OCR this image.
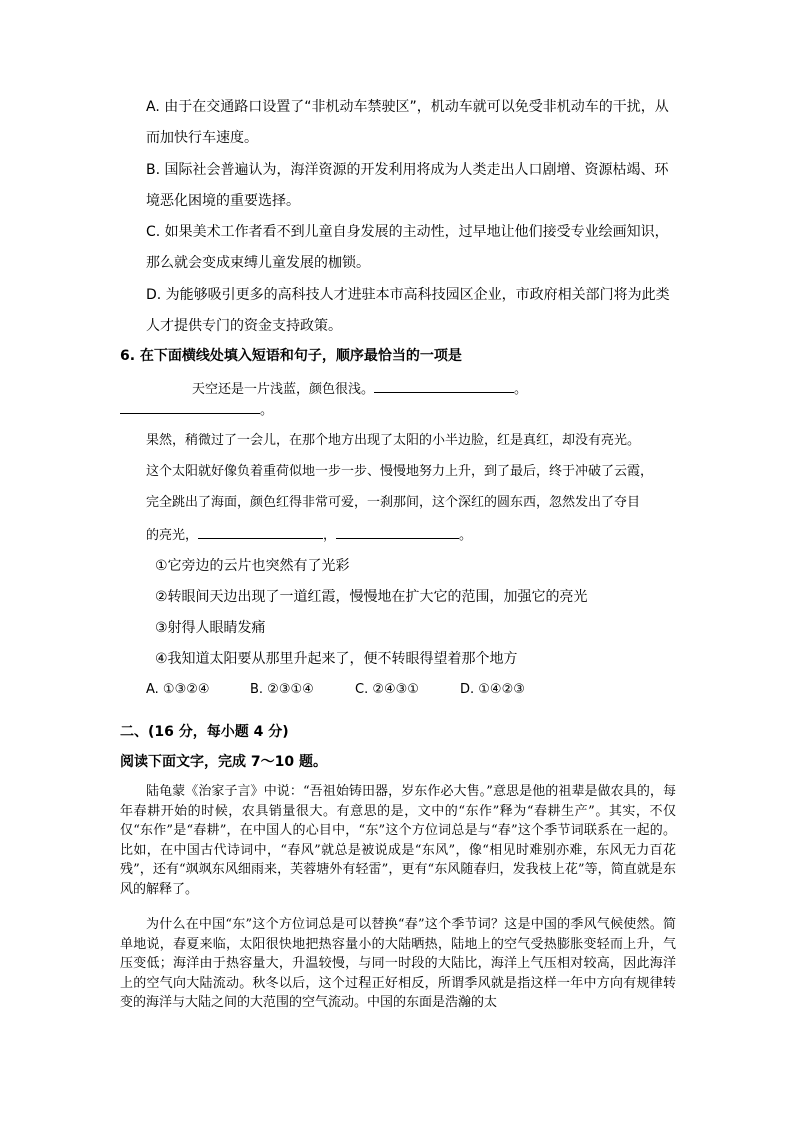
A. 由于在交通路口设置了“非机动车禁驶区”，机动车就可以免受非机动车的干扰，从
而加快行车速度。
B. 国际社会普遍认为，海洋资源的开发利用将成为人类走出人口剧增、资源枯竭、环
境恶化困境的重要选择。
C. 如果美术工作者看不到儿童自身发展的主动性，过早地让他们接受专业绘画知识，
那么就会变成束缚儿童发展的枷锁。
D. 为能够吸引更多的高科技人才进驻本市高科技园区企业，市政府相关部门将为此类
人才提供专门的资金支持政策。
6. 在下面横线处填入短语和句子，顺序最恰当的一项是
天空还是一片浅蓝，颜色很浅。	。
。
果然，稍微过了一会儿，在那个地方出现了太阳的小半边脸，红是真红，却没有亮光。
这个太阳就好像负着重荷似地一步一步、慢慢地努力上升，到了最后，终于冲破了云霞，
完全跳出了海面，颜色红得非常可爱，一刹那间，这个深红的圆东西，忽然发出了夺目
的亮光，	，	。
①它旁边的云片也突然有了光彩
②转眼间天边出现了一道红霞，慢慢地在扩大它的范围，加强它的亮光
③射得人眼睛发痛
④我知道太阳要从那里升起来了，便不转眼得望着那个地方
A. ①③②④	B. ②③①④	C. ②④③①	D. ①④②③
二、(16 分，每小题 4 分)
阅读下面文字，完成 7～10 题。

陆龟蒙《治家子言》中说：“吾祖始铸田器，岁东作必大售。”意思是他的祖辈是做农具的，每年春耕开始的时候，农具销量很大。有意思的是，文中的“东作”释为“春耕生产”。其实，不仅仅“东作”是“春耕”，在中国人的心目中，“东”这个方位词总是与“春”这个季节词联系在一起的。比如，在中国古代诗词中，“春风”就总是被说成是“东风”，像“相见时难别亦难，东风无力百花残”，还有“飒飒东风细雨来，芙蓉塘外有轻雷”，更有“东风随春归，发我枝上花”等，简直就是东风的解释了。

为什么在中国“东”这个方位词总是可以替换“春”这个季节词？这是中国的季风气候使然。简单地说，春夏来临，太阳很快地把热容量小的大陆晒热，陆地上的空气受热膨胀变轻而上升，气压变低；海洋由于热容量大，升温较慢，与同一时段的大陆比，海洋上气压相对较高，因此海洋上的空气向大陆流动。秋冬以后，这个过程正好相反，所谓季风就是指这样一年中方向有规律转变的海洋与大陆之间的大范围的空气流动。中国的东面是浩瀚的太
